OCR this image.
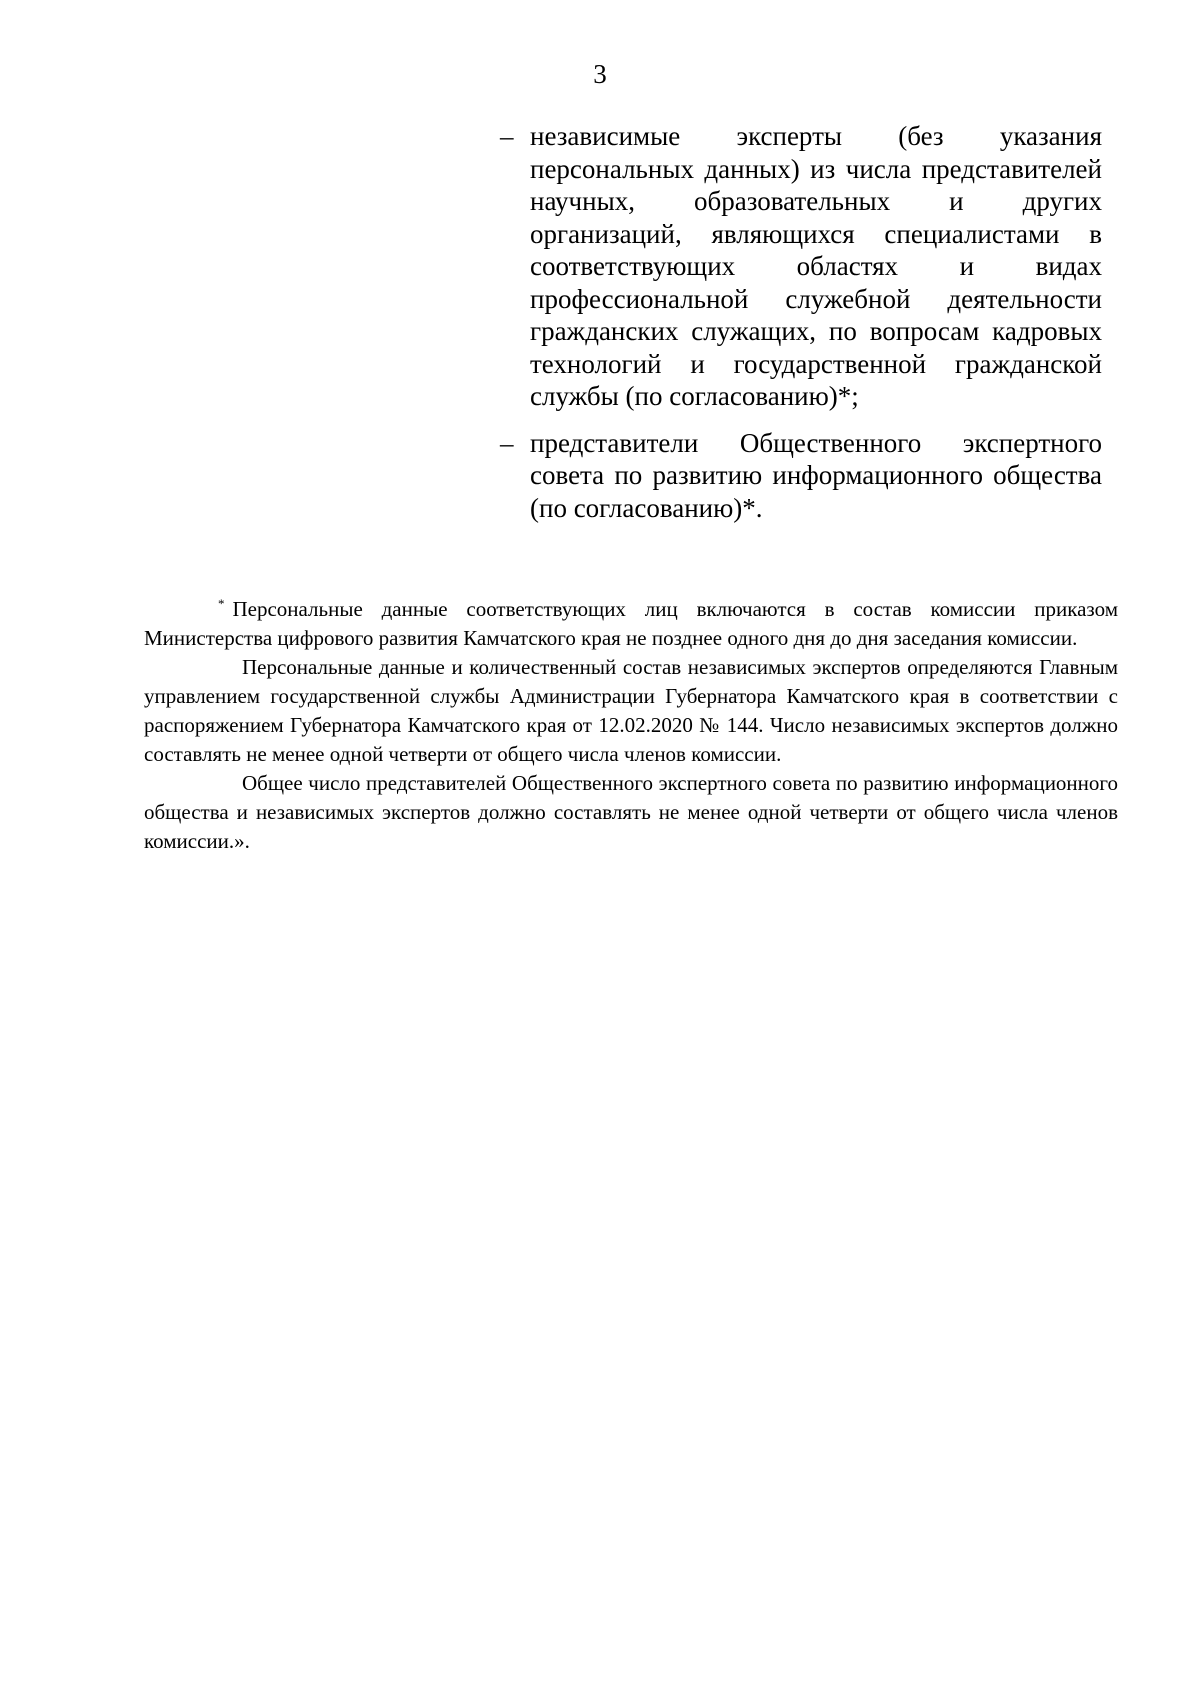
3
– независимые эксперты (без указания персональных данных) из числа представителей научных, образовательных и других организаций, являющихся специалистами в соответствующих областях и видах профессиональной служебной деятельности гражданских служащих, по вопросам кадровых технологий и государственной гражданской службы (по согласованию)*;
– представители Общественного экспертного совета по развитию информационного общества (по согласованию)*.

* Персональные данные соответствующих лиц включаются в состав комиссии приказом Министерства цифрового развития Камчатского края не позднее одного дня до дня заседания комиссии.

Персональные данные и количественный состав независимых экспертов определяются Главным управлением государственной службы Администрации Губернатора Камчатского края в соответствии с распоряжением Губернатора Камчатского края от 12.02.2020 № 144. Число независимых экспертов должно составлять не менее одной четверти от общего числа членов комиссии.

Общее число представителей Общественного экспертного совета по развитию информационного общества и независимых экспертов должно составлять не менее одной четверти от общего числа членов комиссии.».
